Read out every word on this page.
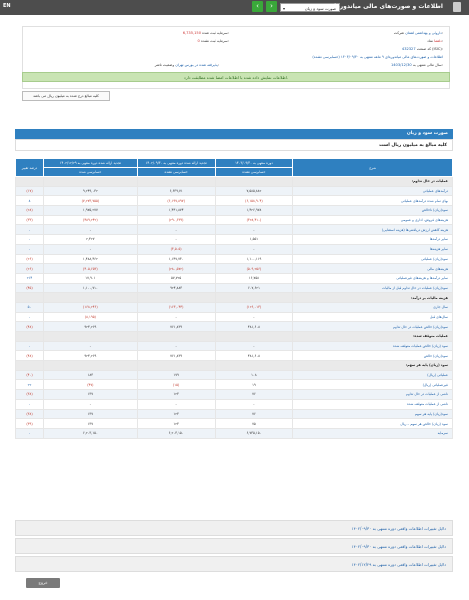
EN	‹	›	▾	صورت سود و زیان
اطلاعات و صورت‌های مالی میاندوره‌ای
داروئی و بهداشتی لقمان شرکت:
دلقما نماد:
432327 کد صنعت (ISIC):
اطلاعات و صورت‌های مالی میاندوره‌ای ۹ ماهه منتهی به ۱۴۰۳/۰۹/۳۰ (حسابرسی نشده)
1403/12/30 سال مالی منتهی به:
6,735,150 سرمایه ثبت شده:
0 سرمایه ثبت نشده:
پذیرفته شده در بورس تهران وضعیت ناشر:
اطلاعات نمایش داده شده با اطلاعات امضا شده مطابقت دارد.
کلیه مبالغ درج شده به میلیون ریال می باشد
صورت سود و زیان
کلیه مبالغ به میلیون ریال است
شرح	دوره منتهی به ۱۴۰۳/۰۹/۳۰	تجدید ارائه شده دوره منتهی به ۱۴۰۲/۰۹/۳۰	تجدید ارائه شده دوره منتهی به ۱۴۰۲/۱۲/۲۹	درصد تغییر
	حسابرسی نشده	حسابرسی نشده	حسابرسی شده	
عملیات در حال تداوم:				
درآمدهای عملیاتی	۷,۵۸۵,۸۸۲	۶,۶۳۹,۷۱	۹,۲۴۹,۰۳۲	(۱۷)
بهای تمام شده درآمدهای عملیاتی	(۶,۱۵۸,۹۰۴)	(۶,۱۹۷,۸۹۷)	(۷,۲۷۳,۷۵۵)	۸
سود(زیان) ناخالص	۱,۴۲۶,۹۷۸	۱,۴۴۱,۸۷۴	۱,۹۷۵,۲۷۷	(۲۸)
هزینه‌های فروش، اداری و عمومی	(۳۲۸,۴۱۰)	(۲۹۰,۶۳۹)	(۴۸۹,۲۴۲)	(۳۳)
هزینه کاهش ارزش دریافتنی‌ها (هزینه استثنایی)	-	-	-	-
سایر درآمدها	۱,۵۵۱	-	۲,۴۲۷	-
سایر هزینه‌ها	-	(۳,۵۰۵)	-	-
سود(زیان) عملیاتی	۱,۱۰۰,۱۱۹	۱,۱۴۷,۷۳۰	۱,۴۸۸,۴۶۲	(۲۶)
هزینه‌های مالی	(۵۰۹,۲۵۶)	(۲۸۰,۵۷۲)	(۴۰۵,۶۵۳)	(۲۶)
سایر درآمدها و هزینه‌های غیرعملیاتی	۱۶,۷۵۸	۵۷,۷۲۵	۱۷,۹۰۱	۲۱۴
سود(زیان) عملیات در حال تداوم قبل از مالیات	۶۰۷,۶۲۱	۹۲۴,۸۸۳	۱,۱۰۰,۷۱۰	(۴۵)
هزینه مالیات بر درآمد:				
سال جاری	(۱۲۶,۰۱۳)	(۱۶۳,۰۴۴)	(۱۶۸,۲۴۶)	۵۰
سال‌های قبل	-	-	(۸,۱۹۵)	-
سود(زیان) خالص عملیات در حال تداوم	۴۸۱,۶۰۸	۷۶۱,۸۳۹	۹۲۴,۲۶۹	(۴۸)
عملیات متوقف شده:				
سود (زیان) خالص عملیات متوقف شده	-	-	-	-
سود(زیان) خالص	۴۸۱,۶۰۸	۷۶۱,۸۳۹	۹۲۴,۲۶۹	(۴۸)
سود (زیان) پایه هر سهم:				
عملیاتی (ریال)	۱۰۸	۱۷۹	۱۸۳	(۴۰)
غیرعملیاتی (ریال)	۱۹	(۱۵)	(۴۷)	۲۲
ناشی از عملیات در حال تداوم	۷۶	۱۲۳	۱۳۷	(۳۸)
ناشی از عملیات متوقف شده	-	-	-	-
سود(زیان) پایه هر سهم	۷۶	۱۲۳	۱۳۷	(۳۸)
سود (زیان) خالص هر سهم – ریال	۷۵	۱۲۳	۱۳۷	(۳۹)
سرمایه	۶,۷۳۵,۱۵۰	۶,۲۰۳,۱۵۰	۶,۲۰۳,۱۵۰	-
دلایل تغییرات اطلاعات واقعی دوره منتهی به ۱۴۰۲/۰۹/۳۰
دلایل تغییرات اطلاعات واقعی دوره منتهی به ۱۴۰۲/۰۹/۳۰
دلایل تغییرات اطلاعات واقعی دوره منتهی به ۱۴۰۲/۱۲/۲۹
خروج
